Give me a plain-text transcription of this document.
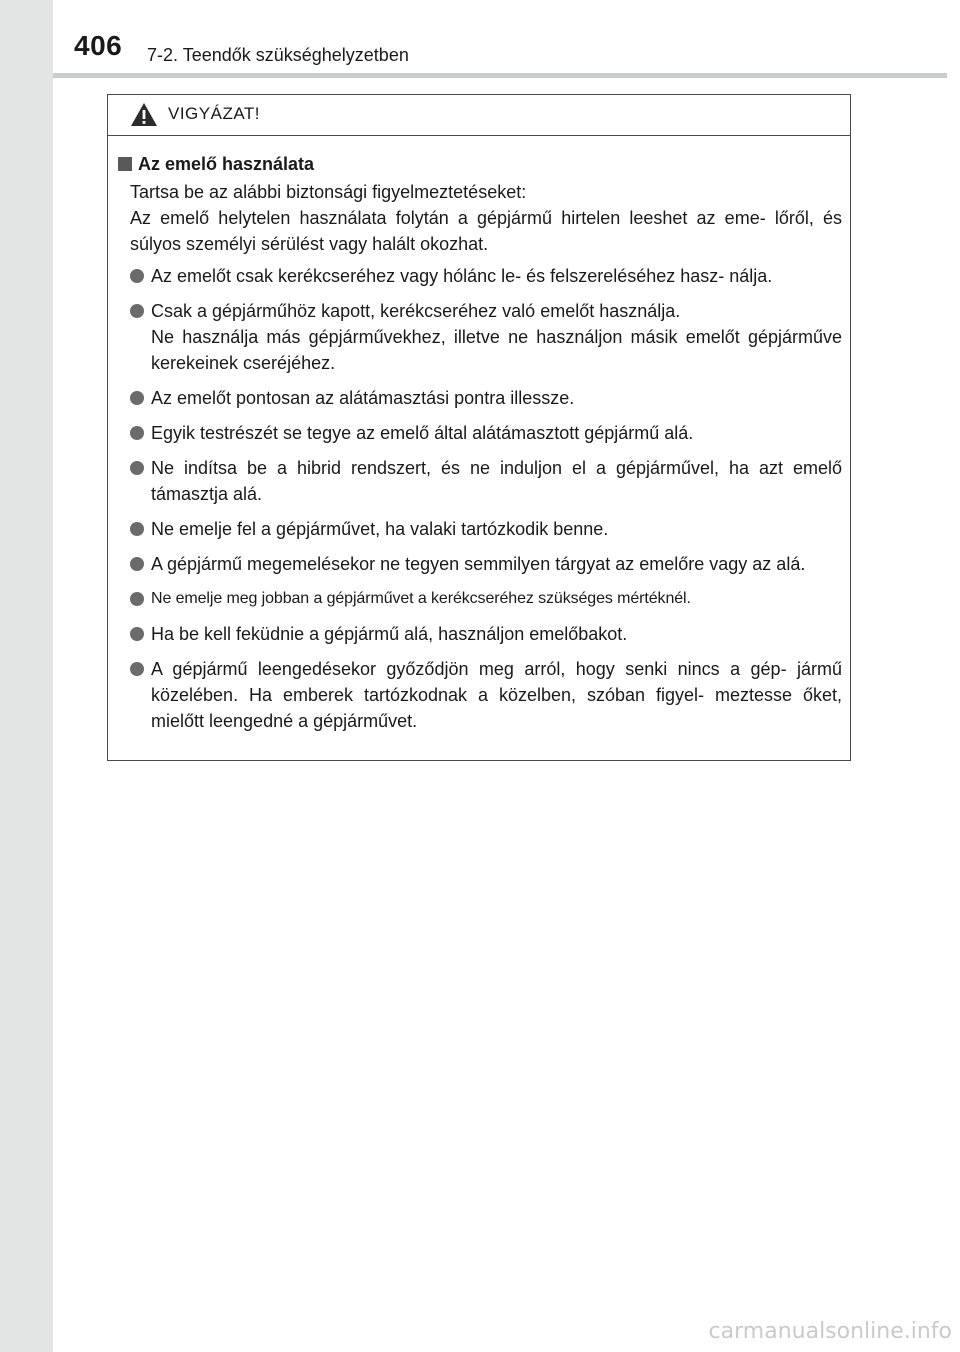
406 7-2. Teendők szükséghelyzetben
VIGYÁZAT!
Az emelő használata

Tartsa be az alábbi biztonsági figyelmeztetéseket:

Az emelő helytelen használata folytán a gépjármű hirtelen leeshet az eme- lőről, és súlyos személyi sérülést vagy halált okozhat.

Az emelőt csak kerékcseréhez vagy hólánc le- és felszereléséhez hasz- nálja.

Csak a gépjárműhöz kapott, kerékcseréhez való emelőt használja.

Ne használja más gépjárművekhez, illetve ne használjon másik emelőt gépjárműve kerekeinek cseréjéhez.

Az emelőt pontosan az alátámasztási pontra illessze.

Egyik testrészét se tegye az emelő által alátámasztott gépjármű alá.

Ne indítsa be a hibrid rendszert, és ne induljon el a gépjárművel, ha azt emelő támasztja alá.

Ne emelje fel a gépjárművet, ha valaki tartózkodik benne.

A gépjármű megemelésekor ne tegyen semmilyen tárgyat az emelőre vagy az alá.

Ne emelje meg jobban a gépjárművet a kerékcseréhez szükséges mértéknél.

Ha be kell feküdnie a gépjármű alá, használjon emelőbakot.

A gépjármű leengedésekor győződjön meg arról, hogy senki nincs a gép- jármű közelében. Ha emberek tartózkodnak a közelben, szóban figyel- meztesse őket, mielőtt leengedné a gépjárművet.

carmanualsonline.info
